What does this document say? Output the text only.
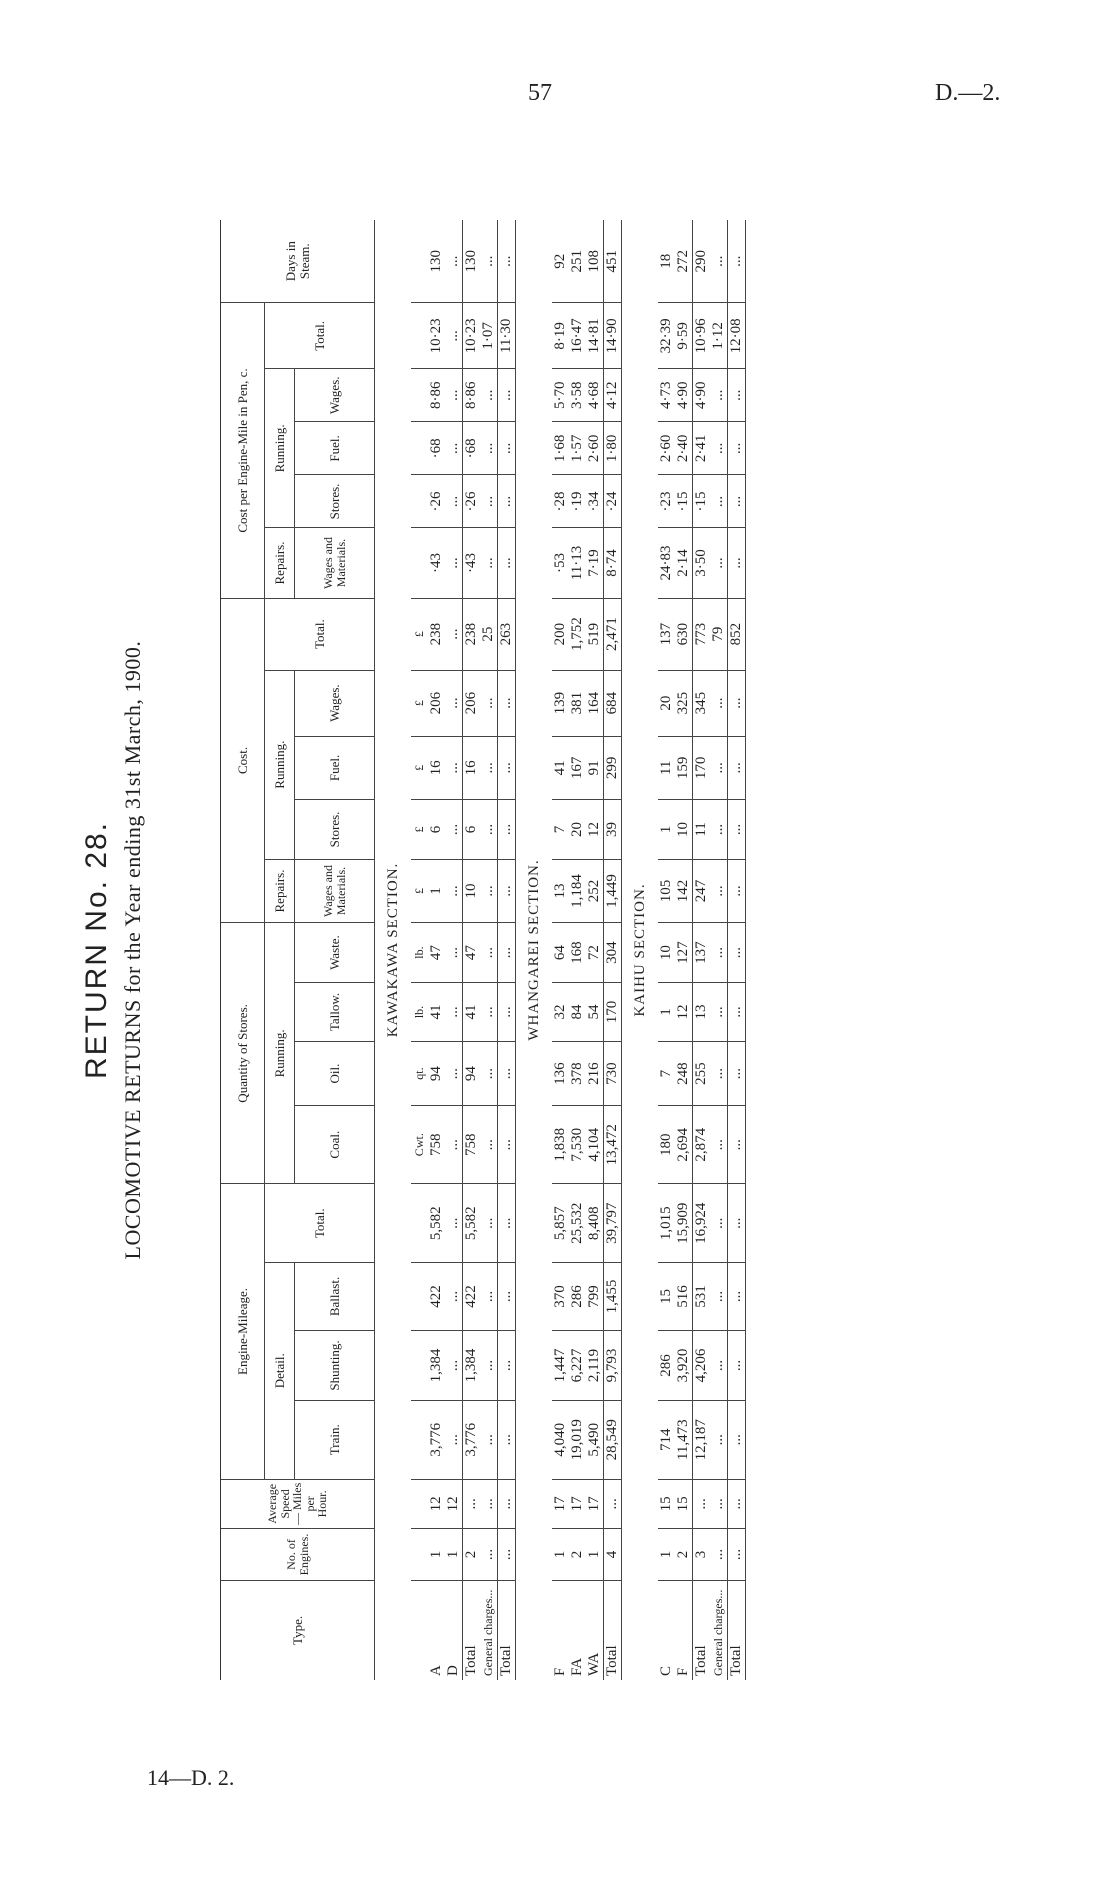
57	D.—2.
14—D. 2.
RETURN No. 28. LOCOMOTIVE RETURNS for the Year ending 31st March, 1900.
Type.	No. of Engines.	Average Speed — Miles per Hour.	Engine-Mileage.				Quantity of Stores.				Cost.					Cost per Engine-Mile in Pen, c.					Days in Steam.
			Detail.			Total.	Running.				Repairs.	Running.			Total.	Repairs.	Running.			Total.	
			Train.	Shunting.	Ballast.		Coal.	Oil.	Tallow.	Waste.	Wages and Materials.	Stores.	Fuel.	Wages.		Wages and Materials.	Stores.	Fuel.	Wages.		

KAWAKAWA SECTION.																					
							Cwt.	qt.	lb.	lb.	£	£	£	£	£						
A	1	12	3,776	1,384	422	5,582	758	94	41	47	1	6	16	206	238	·43	·26	·68	8·86	10·23	130
D	1	12	...	...	...	...	...	...	...	...	...	...	...	...	...	...	...	...	...	...	...
Total	2	...	3,776	1,384	422	5,582	758	94	41	47	10	6	16	206	238	·43	·26	·68	8·86	10·23	130
General charges...	...	...	...	...	...	...	...	...	...	...	...	...	...	...	25	...	...	...	...	1·07	...
Total	...	...	...	...	...	...	...	...	...	...	...	...	...	...	263	...	...	...	...	11·30	...
WHANGAREI SECTION.																					
F	1	17	4,040	1,447	370	5,857	1,838	136	32	64	13	7	41	139	200	·53	·28	1·68	5·70	8·19	92
FA	2	17	19,019	6,227	286	25,532	7,530	378	84	168	1,184	20	167	381	1,752	11·13	·19	1·57	3·58	16·47	251
WA	1	17	5,490	2,119	799	8,408	4,104	216	54	72	252	12	91	164	519	7·19	·34	2·60	4·68	14·81	108
Total	4	...	28,549	9,793	1,455	39,797	13,472	730	170	304	1,449	39	299	684	2,471	8·74	·24	1·80	4·12	14·90	451
KAIHU SECTION.																					
C	1	15	714	286	15	1,015	180	7	1	10	105	1	11	20	137	24·83	·23	2·60	4·73	32·39	18
F	2	15	11,473	3,920	516	15,909	2,694	248	12	127	142	10	159	325	630	2·14	·15	2·40	4·90	9·59	272
Total	3	...	12,187	4,206	531	16,924	2,874	255	13	137	247	11	170	345	773	3·50	·15	2·41	4·90	10·96	290
General charges...	...	...	...	...	...	...	...	...	...	...	...	...	...	...	79	...	...	...	...	1·12	...
Total	...	...	...	...	...	...	...	...	...	...	...	...	...	...	852	...	...	...	...	12·08	...
